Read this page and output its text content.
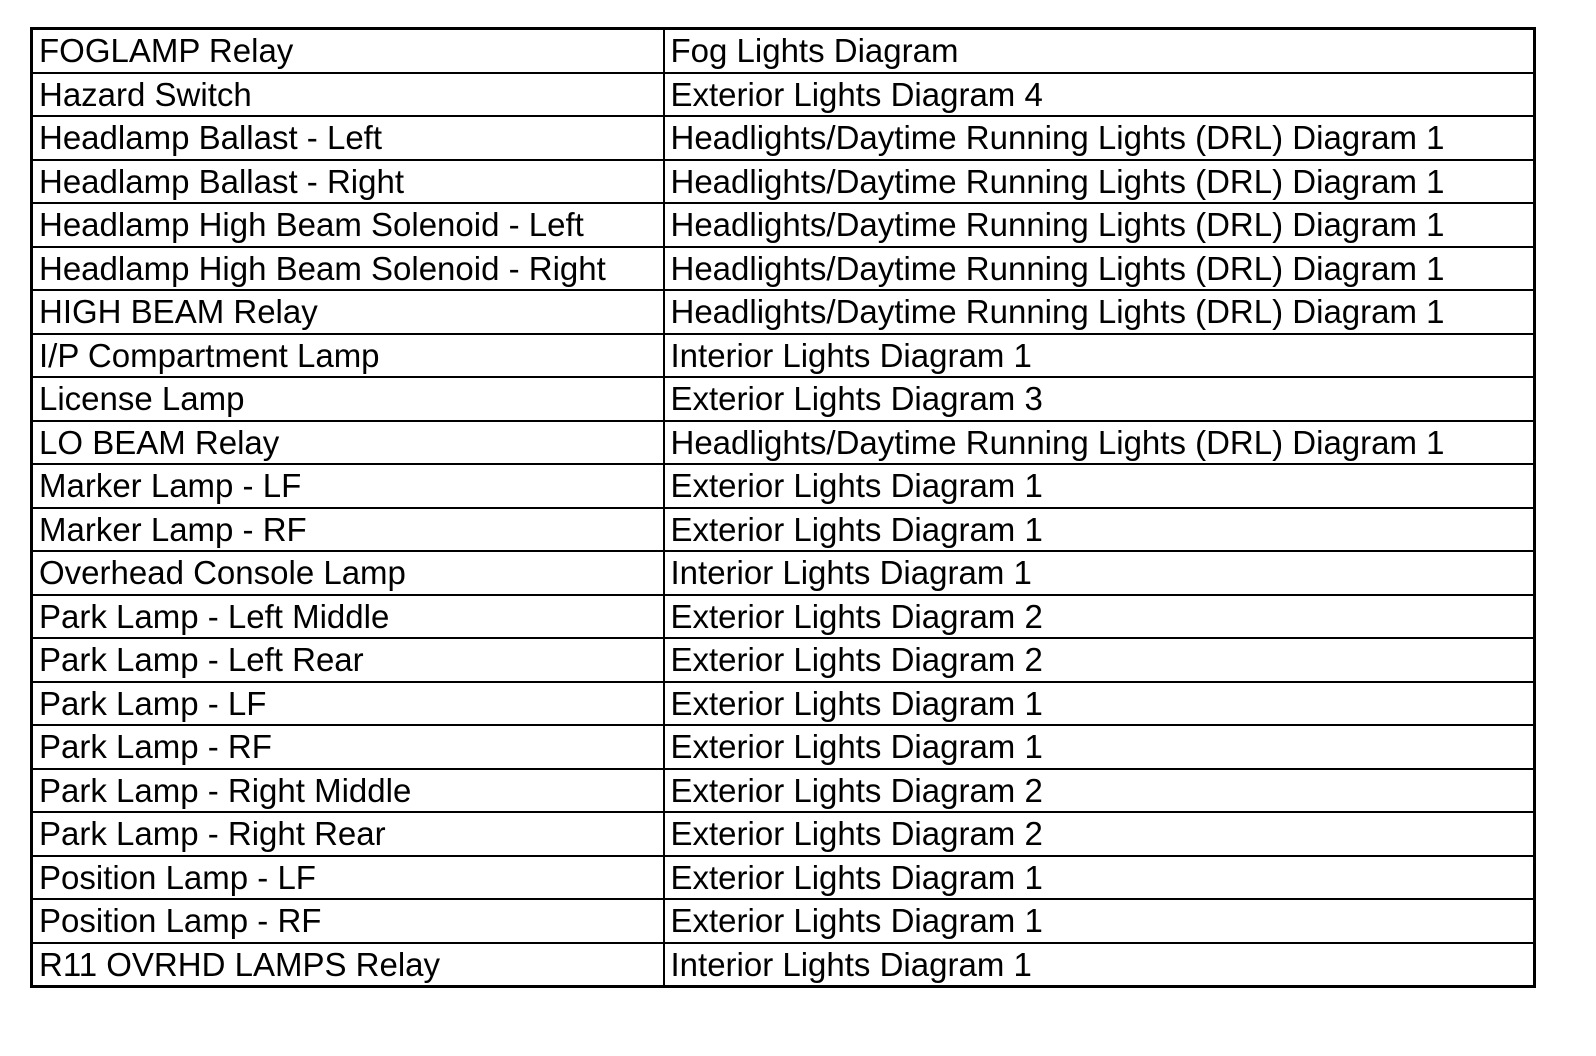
FOGLAMP Relay	Fog Lights Diagram
Hazard Switch	Exterior Lights Diagram 4
Headlamp Ballast - Left	Headlights/Daytime Running Lights (DRL) Diagram 1
Headlamp Ballast - Right	Headlights/Daytime Running Lights (DRL) Diagram 1
Headlamp High Beam Solenoid - Left	Headlights/Daytime Running Lights (DRL) Diagram 1
Headlamp High Beam Solenoid - Right	Headlights/Daytime Running Lights (DRL) Diagram 1
HIGH BEAM Relay	Headlights/Daytime Running Lights (DRL) Diagram 1
I/P Compartment Lamp	Interior Lights Diagram 1
License Lamp	Exterior Lights Diagram 3
LO BEAM Relay	Headlights/Daytime Running Lights (DRL) Diagram 1
Marker Lamp - LF	Exterior Lights Diagram 1
Marker Lamp - RF	Exterior Lights Diagram 1
Overhead Console Lamp	Interior Lights Diagram 1
Park Lamp - Left Middle	Exterior Lights Diagram 2
Park Lamp - Left Rear	Exterior Lights Diagram 2
Park Lamp - LF	Exterior Lights Diagram 1
Park Lamp - RF	Exterior Lights Diagram 1
Park Lamp - Right Middle	Exterior Lights Diagram 2
Park Lamp - Right Rear	Exterior Lights Diagram 2
Position Lamp - LF	Exterior Lights Diagram 1
Position Lamp - RF	Exterior Lights Diagram 1
R11 OVRHD LAMPS Relay	Interior Lights Diagram 1
